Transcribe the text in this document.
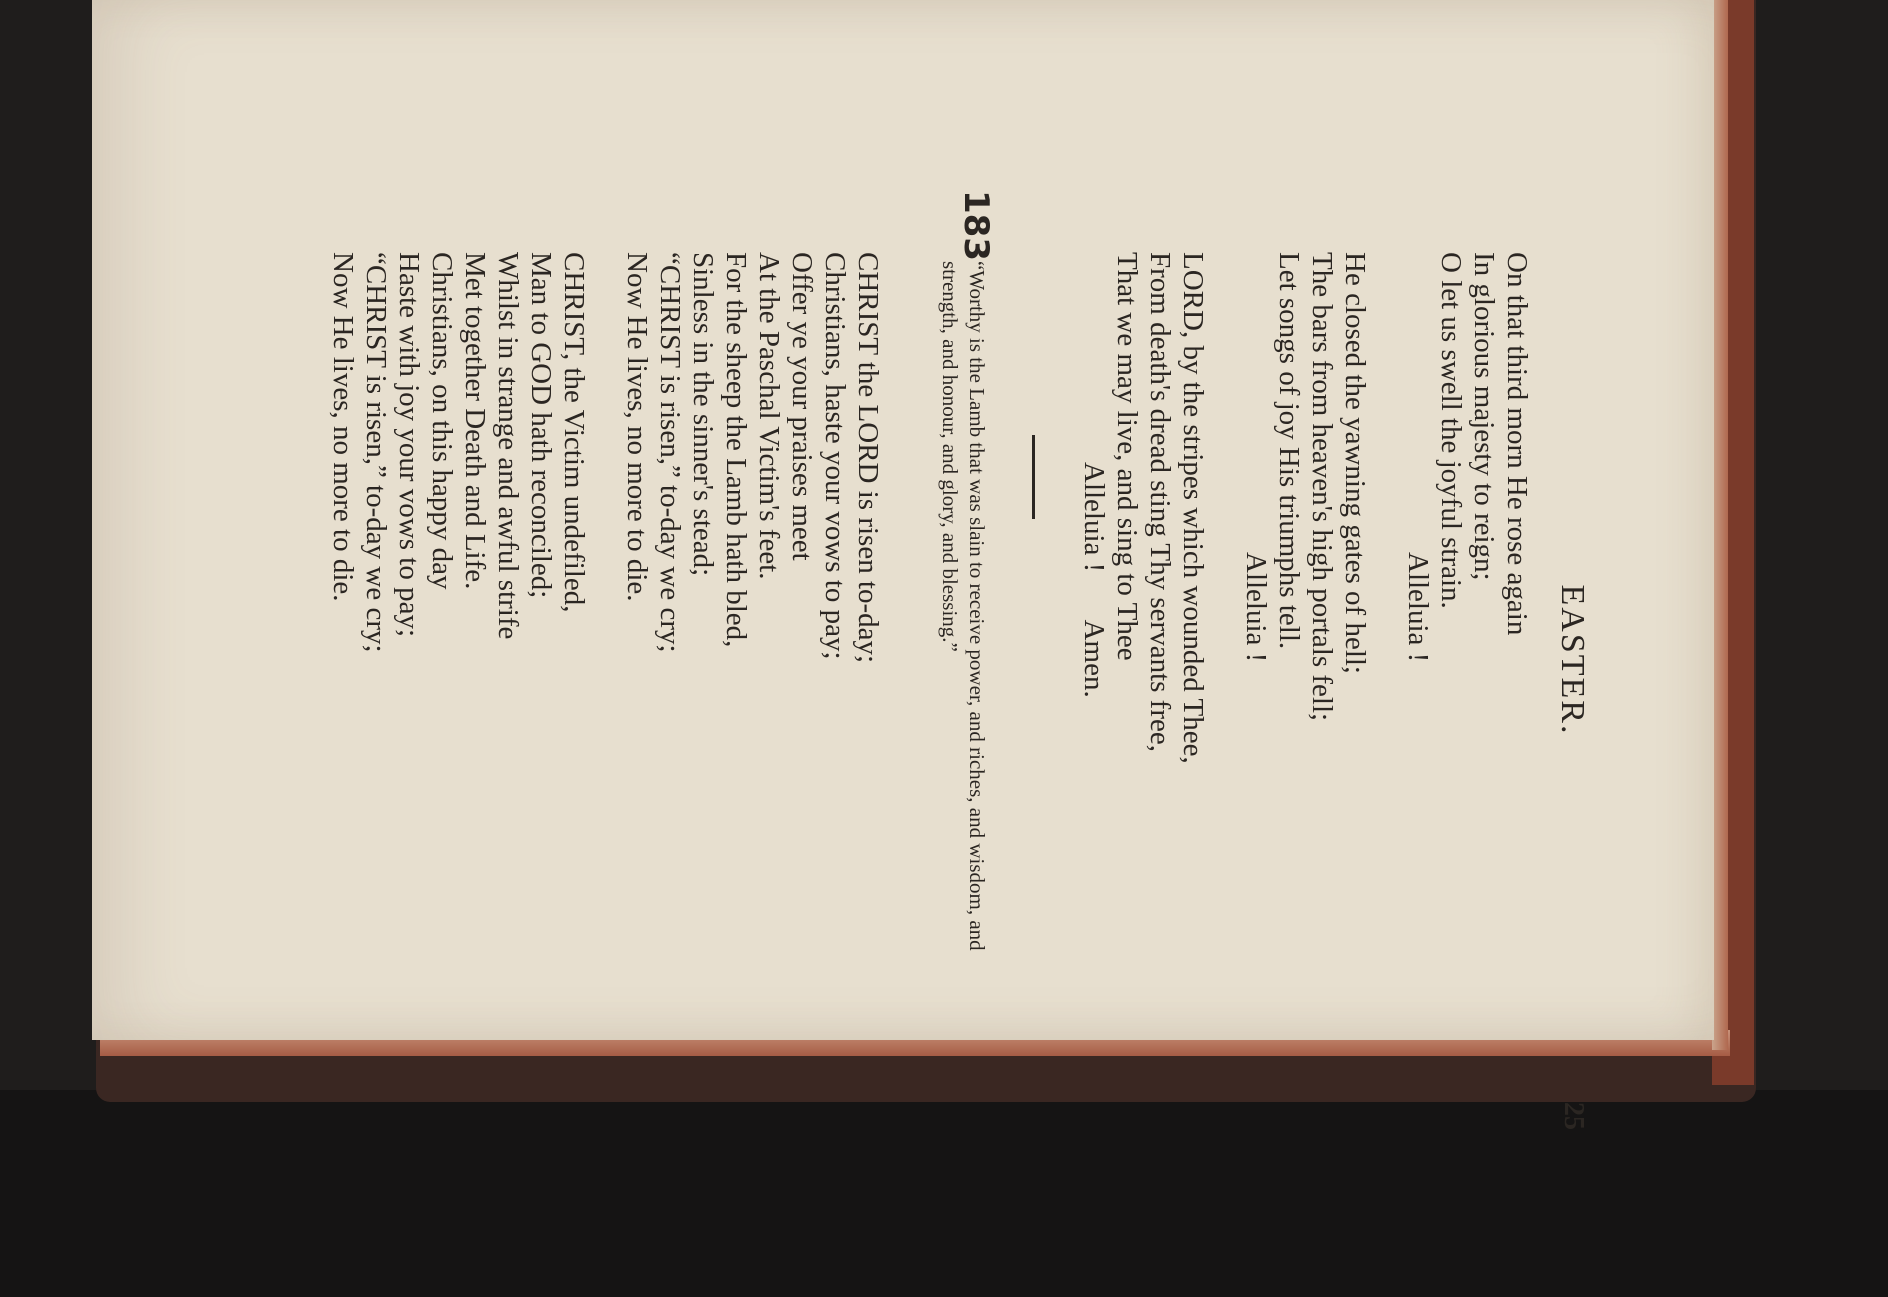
EASTER.
25
On that third morn He rose again
In glorious majesty to reign;
O let us swell the joyful strain.
Alleluia !
He closed the yawning gates of hell;
The bars from heaven's high portals fell;
Let songs of joy His triumphs tell.
Alleluia !
LORD, by the stripes which wounded Thee,
From death's dread sting Thy servants free,
That we may live, and sing to Thee
Alleluia ! Amen.
183
“Worthy is the Lamb that was slain to receive power, and riches, and wisdom, and strength, and honour, and glory, and blessing.”
CHRIST the LORD is risen to-day;
Christians, haste your vows to pay;
Offer ye your praises meet
At the Paschal Victim's feet.
For the sheep the Lamb hath bled,
Sinless in the sinner's stead;
“CHRIST is risen,” to-day we cry;
Now He lives, no more to die.
CHRIST, the Victim undefiled,
Man to GOD hath reconciled;
Whilst in strange and awful strife
Met together Death and Life.
Christians, on this happy day
Haste with joy your vows to pay;
“CHRIST is risen,” to-day we cry;
Now He lives, no more to die.
